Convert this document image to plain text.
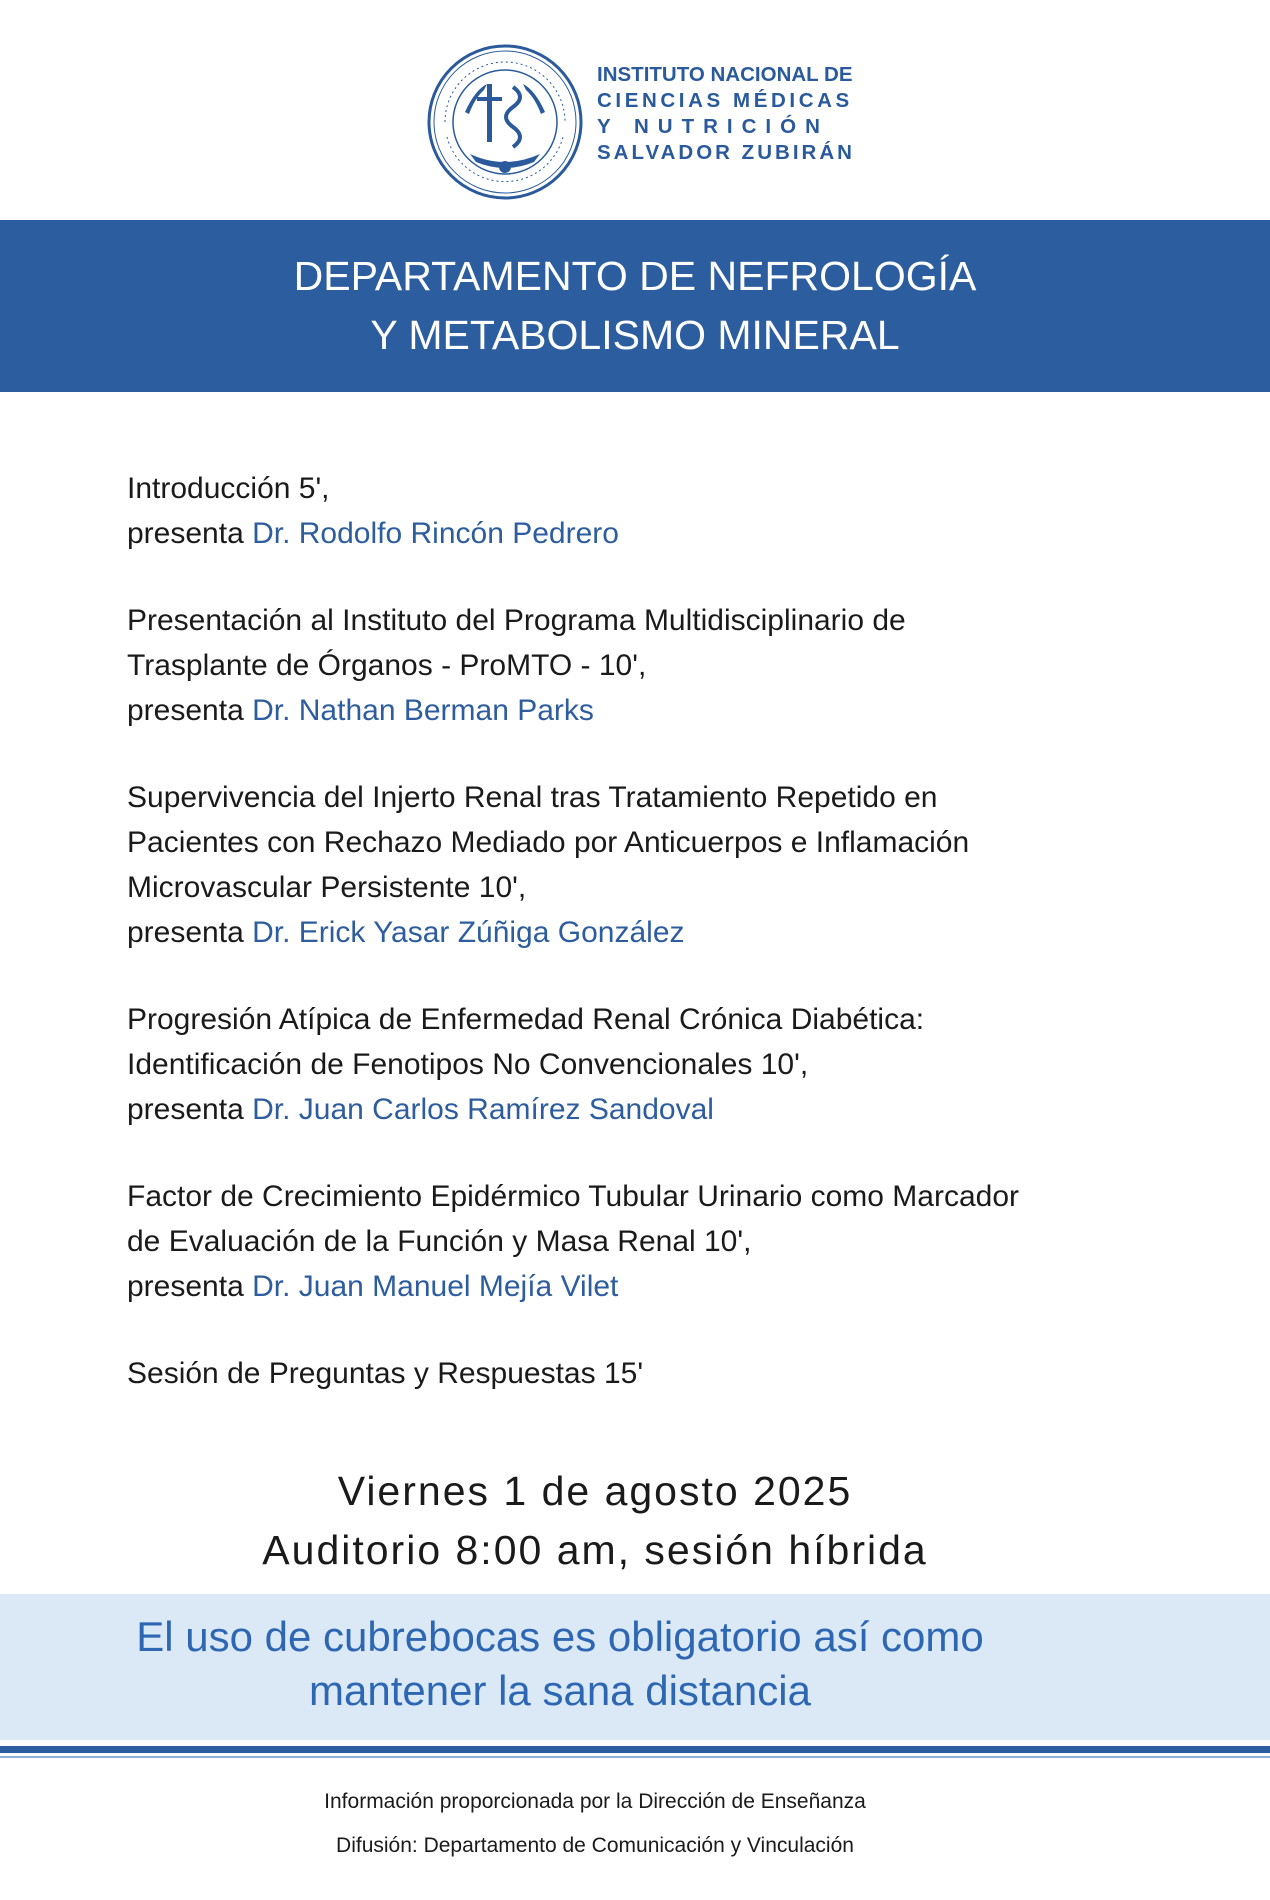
INSTITUTO NACIONAL DE
CIENCIAS MÉDICAS
Y NUTRICIÓN
SALVADOR ZUBIRÁN
DEPARTAMENTO DE NEFROLOGÍA
Y METABOLISMO MINERAL
Introducción 5',
presenta Dr. Rodolfo Rincón Pedrero
Presentación al Instituto del Programa Multidisciplinario de
Trasplante de Órganos - ProMTO - 10',
presenta Dr. Nathan Berman Parks
Supervivencia del Injerto Renal tras Tratamiento Repetido en
Pacientes con Rechazo Mediado por Anticuerpos e Inflamación
Microvascular Persistente 10',
presenta Dr. Erick Yasar Zúñiga González
Progresión Atípica de Enfermedad Renal Crónica Diabética:
Identificación de Fenotipos No Convencionales 10',
presenta Dr. Juan Carlos Ramírez Sandoval
Factor de Crecimiento Epidérmico Tubular Urinario como Marcador
de Evaluación de la Función y Masa Renal 10',
presenta Dr. Juan Manuel Mejía Vilet
Sesión de Preguntas y Respuestas 15'
Viernes 1 de agosto 2025
Auditorio 8:00 am, sesión híbrida
El uso de cubrebocas es obligatorio así como
mantener la sana distancia
Información proporcionada por la Dirección de Enseñanza
Difusión: Departamento de Comunicación y Vinculación
